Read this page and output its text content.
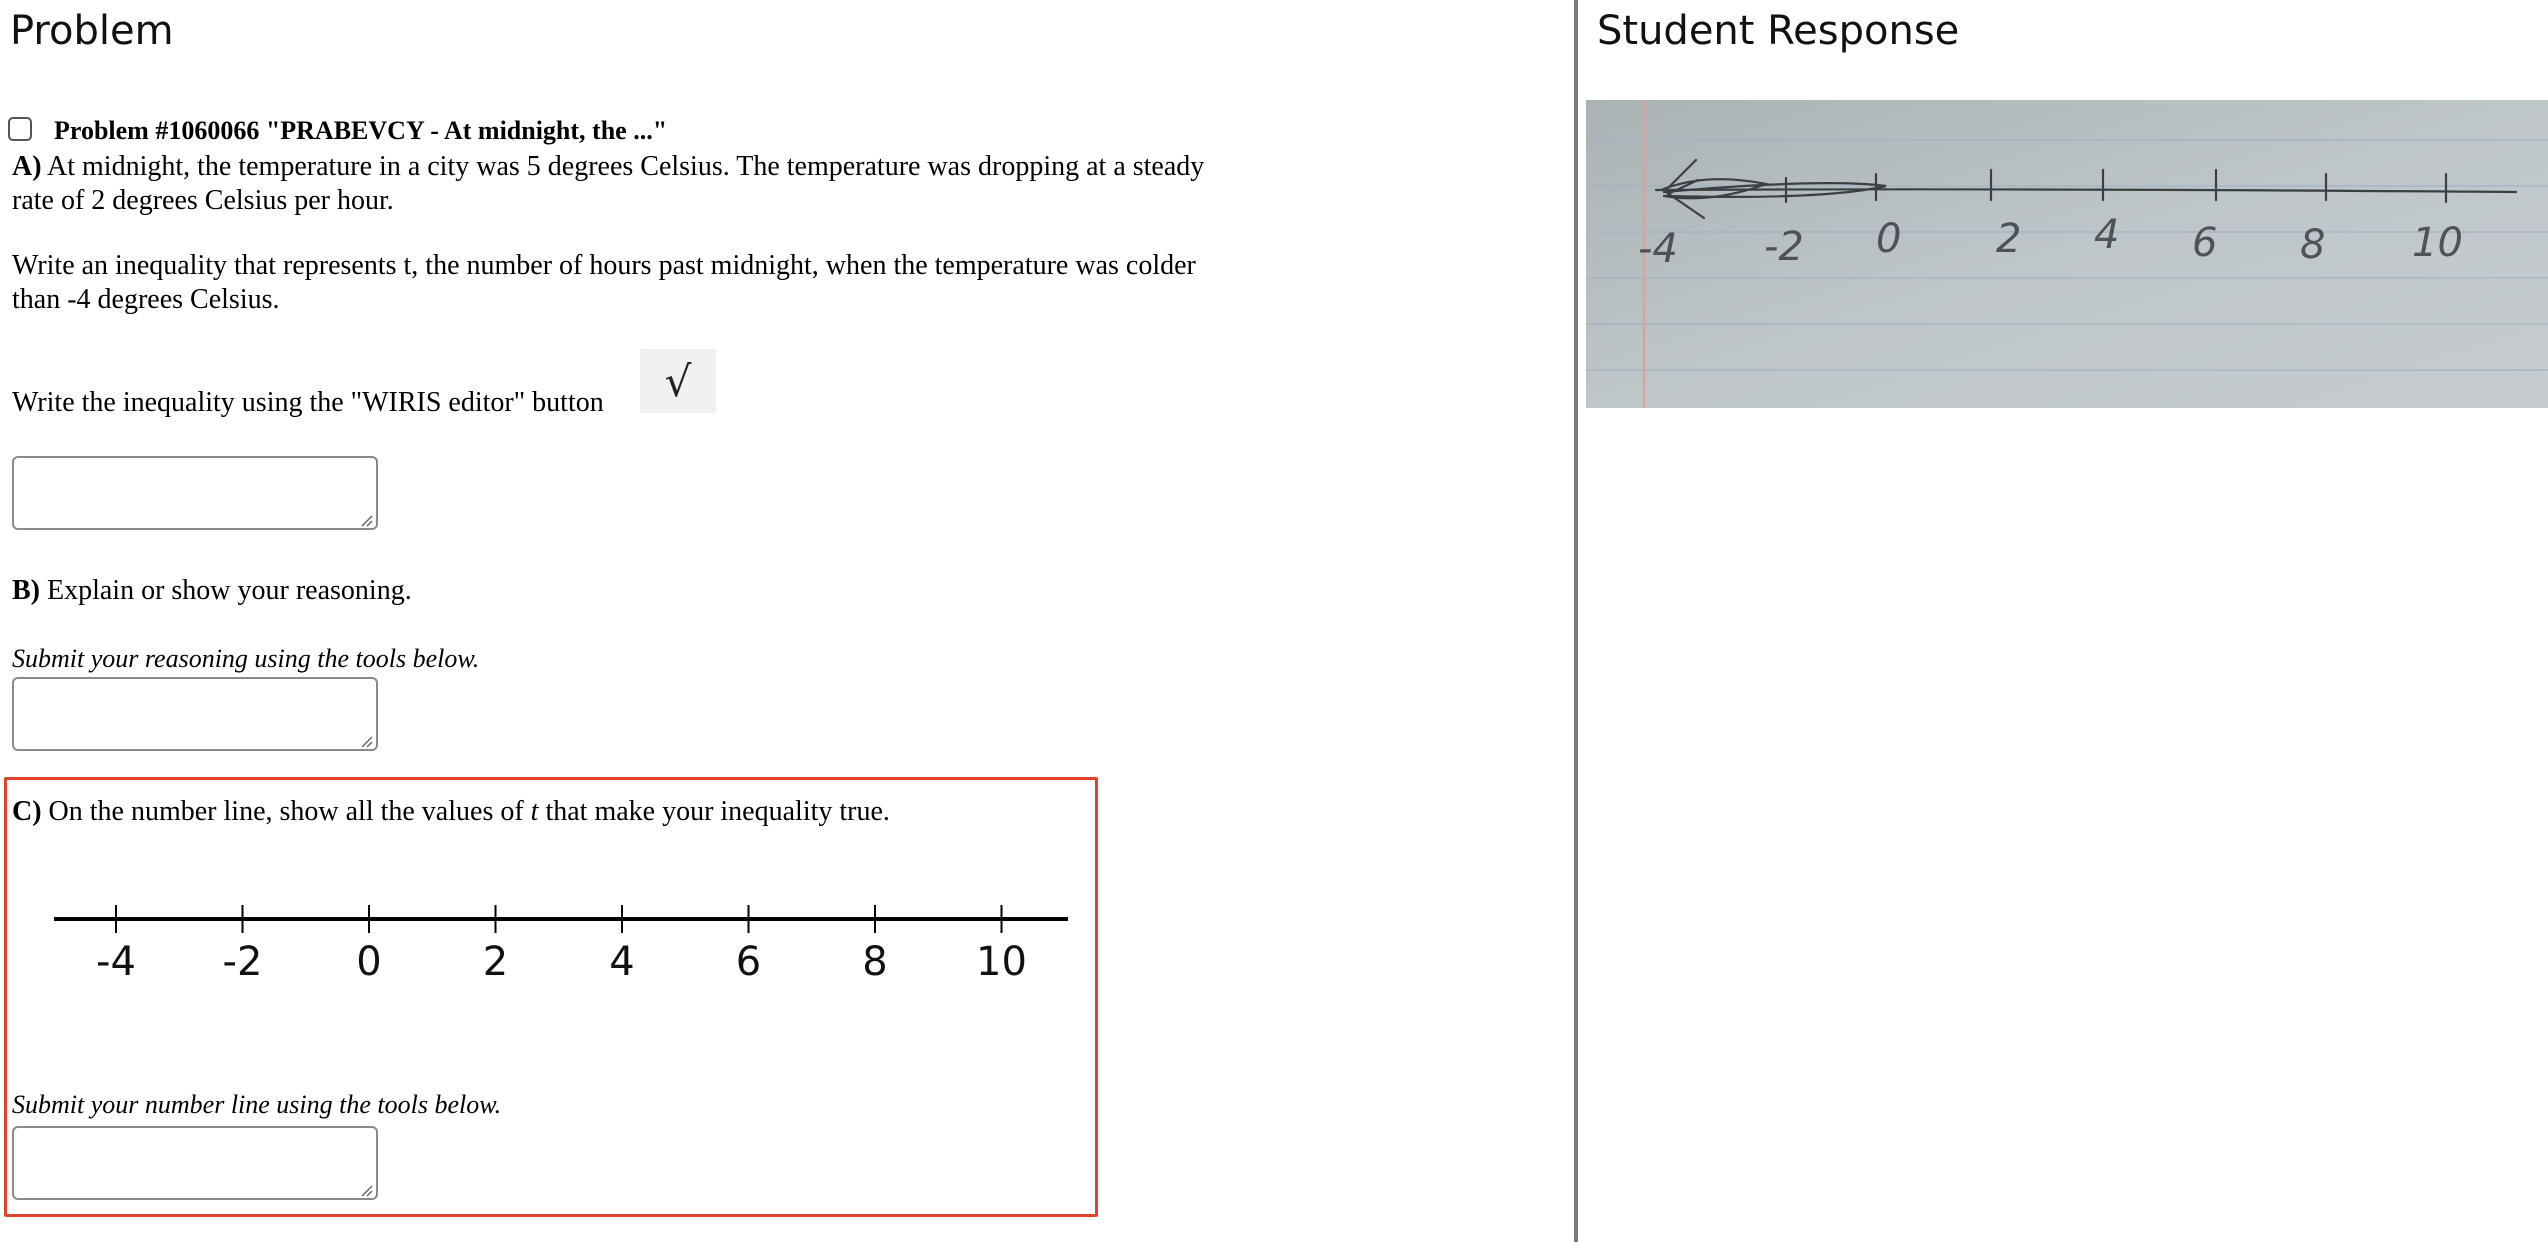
Problem
Problem #1060066 "PRABEVCY - At midnight, the ..."

A) At midnight, the temperature in a city was 5 degrees Celsius. The temperature was dropping at a steady
rate of 2 degrees Celsius per hour.

Write an inequality that represents t, the number of hours past midnight, when the temperature was colder
than -4 degrees Celsius.

Write the inequality using the "WIRIS editor" button √

B) Explain or show your reasoning.

Submit your reasoning using the tools below.

C) On the number line, show all the values of t that make your inequality true.

-4 -2 0	2	4	6	8 10

Submit your number line using the tools below.

Student Response
-4 -2 0 2 4 6 8 10
